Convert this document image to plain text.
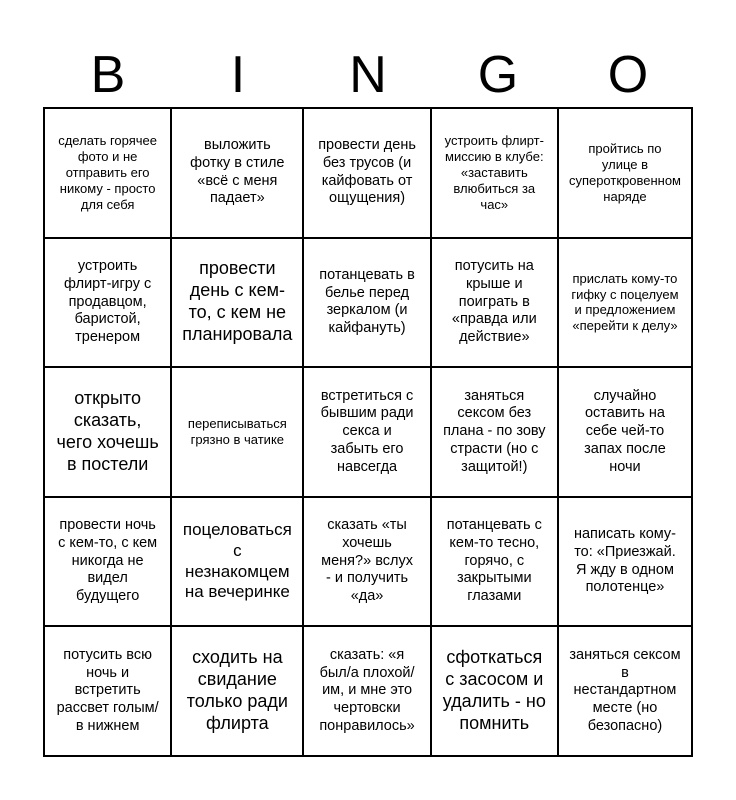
B	I	N	G	O
сделать горячее фото и не отправить его никому - просто для себя
выложить фотку в стиле «всё с меня падает»
провести день без трусов (и кайфовать от ощущения)
устроить флирт-миссию в клубе: «заставить влюбиться за час»
пройтись по улице в супероткровенном наряде
устроить флирт-игру с продавцом, баристой, тренером
провести день с кем-то, с кем не планировала
потанцевать в белье перед зеркалом (и кайфануть)
потусить на крыше и поиграть в «правда или действие»
прислать кому-то гифку с поцелуем и предложением «перейти к делу»
открыто сказать, чего хочешь в постели
переписываться грязно в чатике
встретиться с бывшим ради секса и забыть его навсегда
заняться сексом без плана - по зову страсти (но с защитой!)
случайно оставить на себе чей-то запах после ночи
провести ночь с кем-то, с кем никогда не видел будущего
поцеловаться с незнакомцем на вечеринке
сказать «ты хочешь меня?» вслух - и получить «да»
потанцевать с кем-то тесно, горячо, с закрытыми глазами
написать кому-то: «Приезжай. Я жду в одном полотенце»
потусить всю ночь и встретить рассвет голым/в нижнем
сходить на свидание только ради флирта
сказать: «я был/а плохой/им, и мне это чертовски понравилось»
сфоткаться с засосом и удалить - но помнить
заняться сексом в нестандартном месте (но безопасно)
